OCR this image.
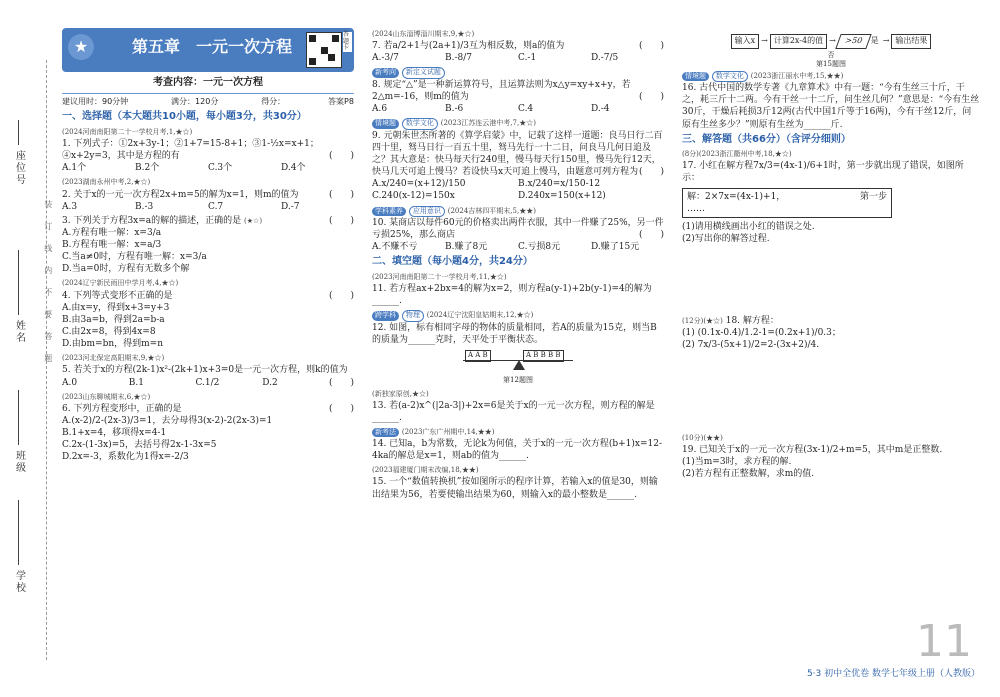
座位号
姓名
班级
学校
装订线内不要答题
★	第五章　一元一次方程
答题卡
考查内容：一元一次方程
建议用时：90分钟	满分：120分	得分：	答案P8
一、选择题（本大题共10小题，每小题3分，共30分）
(2024河南南阳第二十一学校月考,1,★☆)
1. 下列式子：①2x+3y-1；②1+7=15-8+1；③1-½x=x+1；④x+2y=3，其中是方程的有	(　　)
A.1个	B.2个	C.3个	D.4个
(2023湖南永州中考,2,★☆)
2. 关于x的一元一次方程2x+m=5的解为x=1，则m的值为	(　　)
A.3	B.-3	C.7	D.-7
3. 下列关于方程3x=a的解的描述，正确的是 (★☆)	(　　)
A.方程有唯一解：x=3/a
B.方程有唯一解：x=a/3
C.当a≠0时，方程有唯一解：x=3/a
D.当a=0时，方程有无数多个解
(2024辽宁新民雨田中学月考,4,★☆)
4. 下列等式变形不正确的是	(　　)
A.由x=y，得到x+3=y+3
B.由3a=b，得到2a=b-a
C.由2x=8，得到4x=8
D.由bm=bn，得到m=n
(2023河北保定高阳期末,9,★☆)
5. 若关于x的方程(2k-1)x²-(2k+1)x+3=0是一元一次方程，则k的值为
(　　)
A.0	B.1	C.1/2	D.2
(2023山东聊城期末,6,★☆)
6. 下列方程变形中，正确的是	(　　)
A.(x-2)/2-(2x-3)/3=1，去分母得3(x-2)-2(2x-3)=1
B.1+x=4，移项得x=4-1
C.2x-(1-3x)=5，去括号得2x-1-3x=5
D.2x=-3，系数化为1得x=-2/3
(2024山东淄博淄川期末,9,★☆)
7. 若a/2+1与(2a+1)/3互为相反数，则a的值为	(　　)
A.-3/7	B.-8/7	C.-1	D.-7/5
新考向 新定义试题
8. 规定“△”是一种新运算符号，且运算法则为x△y=xy+x+y，若2△m=-16，则m的值为	(　　)
A.6	B.-6	C.4	D.-4
情境题 数学文化 (2023江苏连云港中考,7,★☆)
9. 元朝朱世杰所著的《算学启蒙》中，记载了这样一道题：良马日行二百四十里，驽马日行一百五十里，驽马先行一十二日，问良马几何日追及之？其大意是：快马每天行240里，慢马每天行150里，慢马先行12天，快马几天可追上慢马？若设快马x天可追上慢马，由题意可列方程为 (　　)
A.x/240=(x+12)/150	B.x/240=x/150-12
C.240(x-12)=150x	D.240x=150(x+12)
学科素养 应用意识 (2024吉林四平期末,5,★★)
10. 某商店以每件60元的价格卖出两件衣服，其中一件赚了25%，另一件亏损25%，那么商店	(　　)
A.不赚不亏	B.赚了8元	C.亏损8元	D.赚了15元
二、填空题（每小题4分，共24分）
(2023河南南阳第二十一学校月考,11,★☆)
11. 若方程ax+2bx=4的解为x=2，则方程a(y-1)+2b(y-1)=4的解为______.
跨学科 物理 (2024辽宁沈阳皇姑期末,12,★☆)
12. 如图，标有相同字母的物体的质量相同，若A的质量为15克，则当B的质量为______克时，天平处于平衡状态。
A A B	A B B B B
第12题图
(新独家原创,★☆)
13. 若(a-2)x^(|2a-3|)+2x=6是关于x的一元一次方程，则方程的解是______.
新考法 (2023广东广州期中,14,★★)
14. 已知a，b为常数，无论k为何值，关于x的一元一次方程(b+1)x=12-4ka的解总是x=1，则ab的值为______.
(2023福建厦门期末改编,18,★★)
15. 一个“数值转换机”按如图所示的程序计算，若输入x的值是30，则输出结果为56，若要使输出结果为60，则输入x的最小整数是______.
输入x → 计算2x-4的值 → >50 是 → 输出结果
否
第15题图
情境题 数学文化 (2023浙江丽水中考,15,★★)
16. 古代中国的数学专著《九章算术》中有一题：“今有生丝三十斤，干之，耗三斤十二两。今有干丝一十二斤，问生丝几何？”意思是：“今有生丝30斤，干燥后耗损3斤12两(古代中国1斤等于16两)，今有干丝12斤，问原有生丝多少？”则原有生丝为______斤.
三、解答题（共66分）（含评分细则）
(8分)(2023浙江衢州中考,18,★☆)
17. 小红在解方程7x/3=(4x-1)/6+1时，第一步就出现了错误，如图所示：
解：2×7x=(4x-1)+1，	第一步
……
(1)请用横线画出小红的错误之处.
(2)写出你的解答过程.
(12分)(★☆) 18. 解方程：
(1) (0.1x-0.4)/1.2-1=(0.2x+1)/0.3；
(2) 7x/3-(5x+1)/2=2-(3x+2)/4.
(10分)(★★)
19. 已知关于x的一元一次方程(3x-1)/2+m=5，其中m是正整数.
(1)当m=3时，求方程的解.
(2)若方程有正整数解，求m的值.
11
5·3 初中全优卷 数学七年级上册（人教版）
